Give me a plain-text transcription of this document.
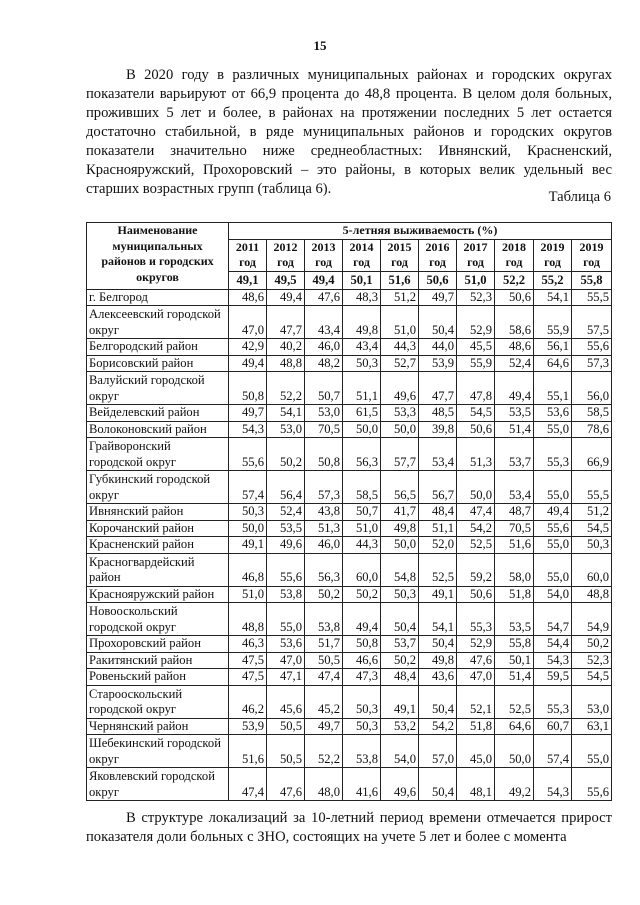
15

В 2020 году в различных муниципальных районах и городских округах показатели варьируют от 66,9 процента до 48,8 процента. В целом доля больных, проживших 5 лет и более, в районах на протяжении последних 5 лет остается достаточно стабильной, в ряде муниципальных районов и городских округов показатели значительно ниже среднеобластных: Ивнянский, Красненский, Краснояружский, Прохоровский – это районы, в которых велик удельный вес старших возрастных групп (таблица 6).	Таблица 6
Наименование муниципальных районов и городских округов	5-летняя выживаемость (%)									
	2011 год	2012 год	2013 год	2014 год	2015 год	2016 год	2017 год	2018 год	2019 год	2019 год
	49,1	49,5	49,4	50,1	51,6	50,6	51,0	52,2	55,2	55,8
г. Белгород	48,6	49,4	47,6	48,3	51,2	49,7	52,3	50,6	54,1	55,5
Алексеевский городской округ	47,0	47,7	43,4	49,8	51,0	50,4	52,9	58,6	55,9	57,5
Белгородский район	42,9	40,2	46,0	43,4	44,3	44,0	45,5	48,6	56,1	55,6
Борисовский район	49,4	48,8	48,2	50,3	52,7	53,9	55,9	52,4	64,6	57,3
Валуйский городской округ	50,8	52,2	50,7	51,1	49,6	47,7	47,8	49,4	55,1	56,0
Вейделевский район	49,7	54,1	53,0	61,5	53,3	48,5	54,5	53,5	53,6	58,5
Волоконовский район	54,3	53,0	70,5	50,0	50,0	39,8	50,6	51,4	55,0	78,6
Грайворонский городской округ	55,6	50,2	50,8	56,3	57,7	53,4	51,3	53,7	55,3	66,9
Губкинский городской округ	57,4	56,4	57,3	58,5	56,5	56,7	50,0	53,4	55,0	55,5
Ивнянский район	50,3	52,4	43,8	50,7	41,7	48,4	47,4	48,7	49,4	51,2
Корочанский район	50,0	53,5	51,3	51,0	49,8	51,1	54,2	70,5	55,6	54,5
Красненский район	49,1	49,6	46,0	44,3	50,0	52,0	52,5	51,6	55,0	50,3
Красногвардейский район	46,8	55,6	56,3	60,0	54,8	52,5	59,2	58,0	55,0	60,0
Краснояружский район	51,0	53,8	50,2	50,2	50,3	49,1	50,6	51,8	54,0	48,8
Новооскольский городской округ	48,8	55,0	53,8	49,4	50,4	54,1	55,3	53,5	54,7	54,9
Прохоровский район	46,3	53,6	51,7	50,8	53,7	50,4	52,9	55,8	54,4	50,2
Ракитянский район	47,5	47,0	50,5	46,6	50,2	49,8	47,6	50,1	54,3	52,3
Ровеньский район	47,5	47,1	47,4	47,3	48,4	43,6	47,0	51,4	59,5	54,5
Старооскольский городской округ	46,2	45,6	45,2	50,3	49,1	50,4	52,1	52,5	55,3	53,0
Чернянский район	53,9	50,5	49,7	50,3	53,2	54,2	51,8	64,6	60,7	63,1
Шебекинский городской округ	51,6	50,5	52,2	53,8	54,0	57,0	45,0	50,0	57,4	55,0
Яковлевский городской округ	47,4	47,6	48,0	41,6	49,6	50,4	48,1	49,2	54,3	55,6

В структуре локализаций за 10-летний период времени отмечается прирост показателя доли больных с ЗНО, состоящих на учете 5 лет и более с момента
